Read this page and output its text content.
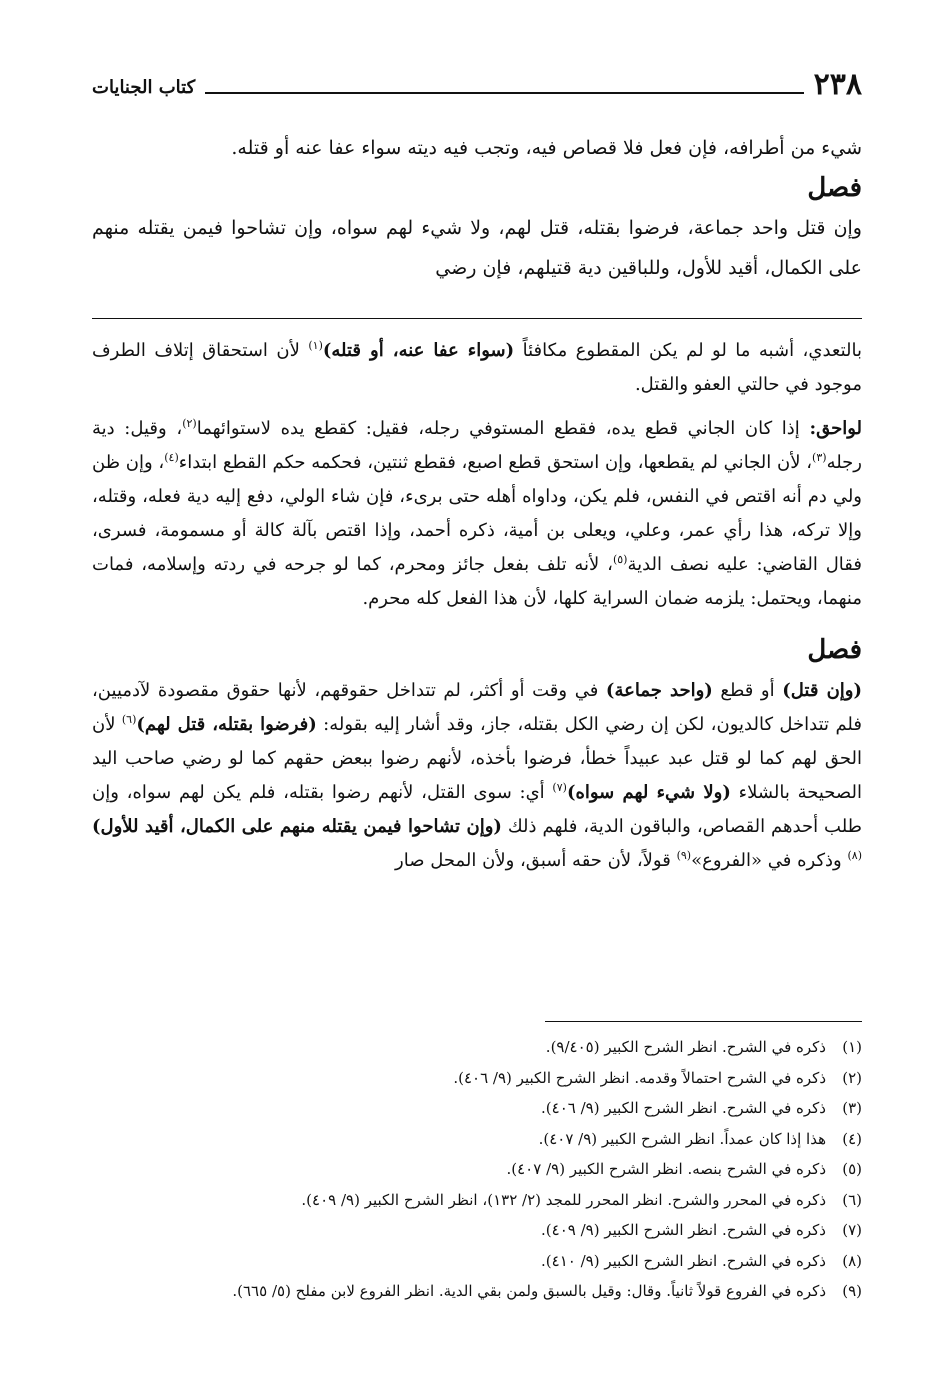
٢٣٨
كتاب الجنايات

شيء من أطرافه، فإن فعل فلا قصاص فيه، وتجب فيه ديته سواء عفا عنه أو قتله.

فصل

وإن قتل واحد جماعة، فرضوا بقتله، قتل لهم، ولا شيء لهم سواه، وإن تشاحوا فيمن يقتله منهم على الكمال، أقيد للأول، وللباقين دية قتيلهم، فإن رضي

بالتعدي، أشبه ما لو لم يكن المقطوع مكافئاً (سواء عفا عنه، أو قتله)$^{(١)}$ لأن استحقاق إتلاف الطرف موجود في حالتي العفو والقتل.

لواحق: إذا كان الجاني قطع يده، فقطع المستوفي رجله، فقيل: كقطع يده لاستوائهما$^{(٢)}$، وقيل: دية رجله$^{(٣)}$، لأن الجاني لم يقطعها، وإن استحق قطع اصبع، فقطع ثنتين، فحكمه حكم القطع ابتداء$^{(٤)}$، وإن ظن ولي دم أنه اقتص في النفس، فلم يكن، وداواه أهله حتى برىء، فإن شاء الولي، دفع إليه دية فعله، وقتله، وإلا تركه، هذا رأي عمر، وعلي، ويعلى بن أمية، ذكره أحمد، وإذا اقتص بآلة كالة أو مسمومة، فسرى، فقال القاضي: عليه نصف الدية$^{(٥)}$، لأنه تلف بفعل جائز ومحرم، كما لو جرحه في ردته وإسلامه، فمات منهما، ويحتمل: يلزمه ضمان السراية كلها، لأن هذا الفعل كله محرم.

فصل

(وإن قتل) أو قطع (واحد جماعة) في وقت أو أكثر، لم تتداخل حقوقهم، لأنها حقوق مقصودة لآدميين، فلم تتداخل كالديون، لكن إن رضي الكل بقتله، جاز، وقد أشار إليه بقوله: (فرضوا بقتله، قتل لهم)$^{(٦)}$ لأن الحق لهم كما لو قتل عبد عبيداً خطأ، فرضوا بأخذه، لأنهم رضوا ببعض حقهم كما لو رضي صاحب اليد الصحيحة بالشلاء (ولا شيء لهم سواه)$^{(٧)}$ أي: سوى القتل، لأنهم رضوا بقتله، فلم يكن لهم سواه، وإن طلب أحدهم القصاص، والباقون الدية، فلهم ذلك (وإن تشاحوا فيمن يقتله منهم على الكمال، أقيد للأول)$^{(٨)}$ وذكره في «الفروع»$^{(٩)}$ قولاً، لأن حقه أسبق، ولأن المحل صار

(١)ذكره في الشرح. انظر الشرح الكبير (٩/٤٠٥).
(٢)ذكره في الشرح احتمالاً وقدمه. انظر الشرح الكبير (٩/ ٤٠٦).
(٣)ذكره في الشرح. انظر الشرح الكبير (٩/ ٤٠٦).
(٤)هذا إذا كان عمداً. انظر الشرح الكبير (٩/ ٤٠٧).
(٥)ذكره في الشرح بنصه. انظر الشرح الكبير (٩/ ٤٠٧).
(٦)ذكره في المحرر والشرح. انظر المحرر للمجد (٢/ ١٣٢)، انظر الشرح الكبير (٩/ ٤٠٩).
(٧)ذكره في الشرح. انظر الشرح الكبير (٩/ ٤٠٩).
(٨)ذكره في الشرح. انظر الشرح الكبير (٩/ ٤١٠).
(٩)ذكره في الفروع قولاً ثانياً. وقال: وقيل بالسبق ولمن بقي الدية. انظر الفروع لابن مفلح (٥/ ٦٦٥).
